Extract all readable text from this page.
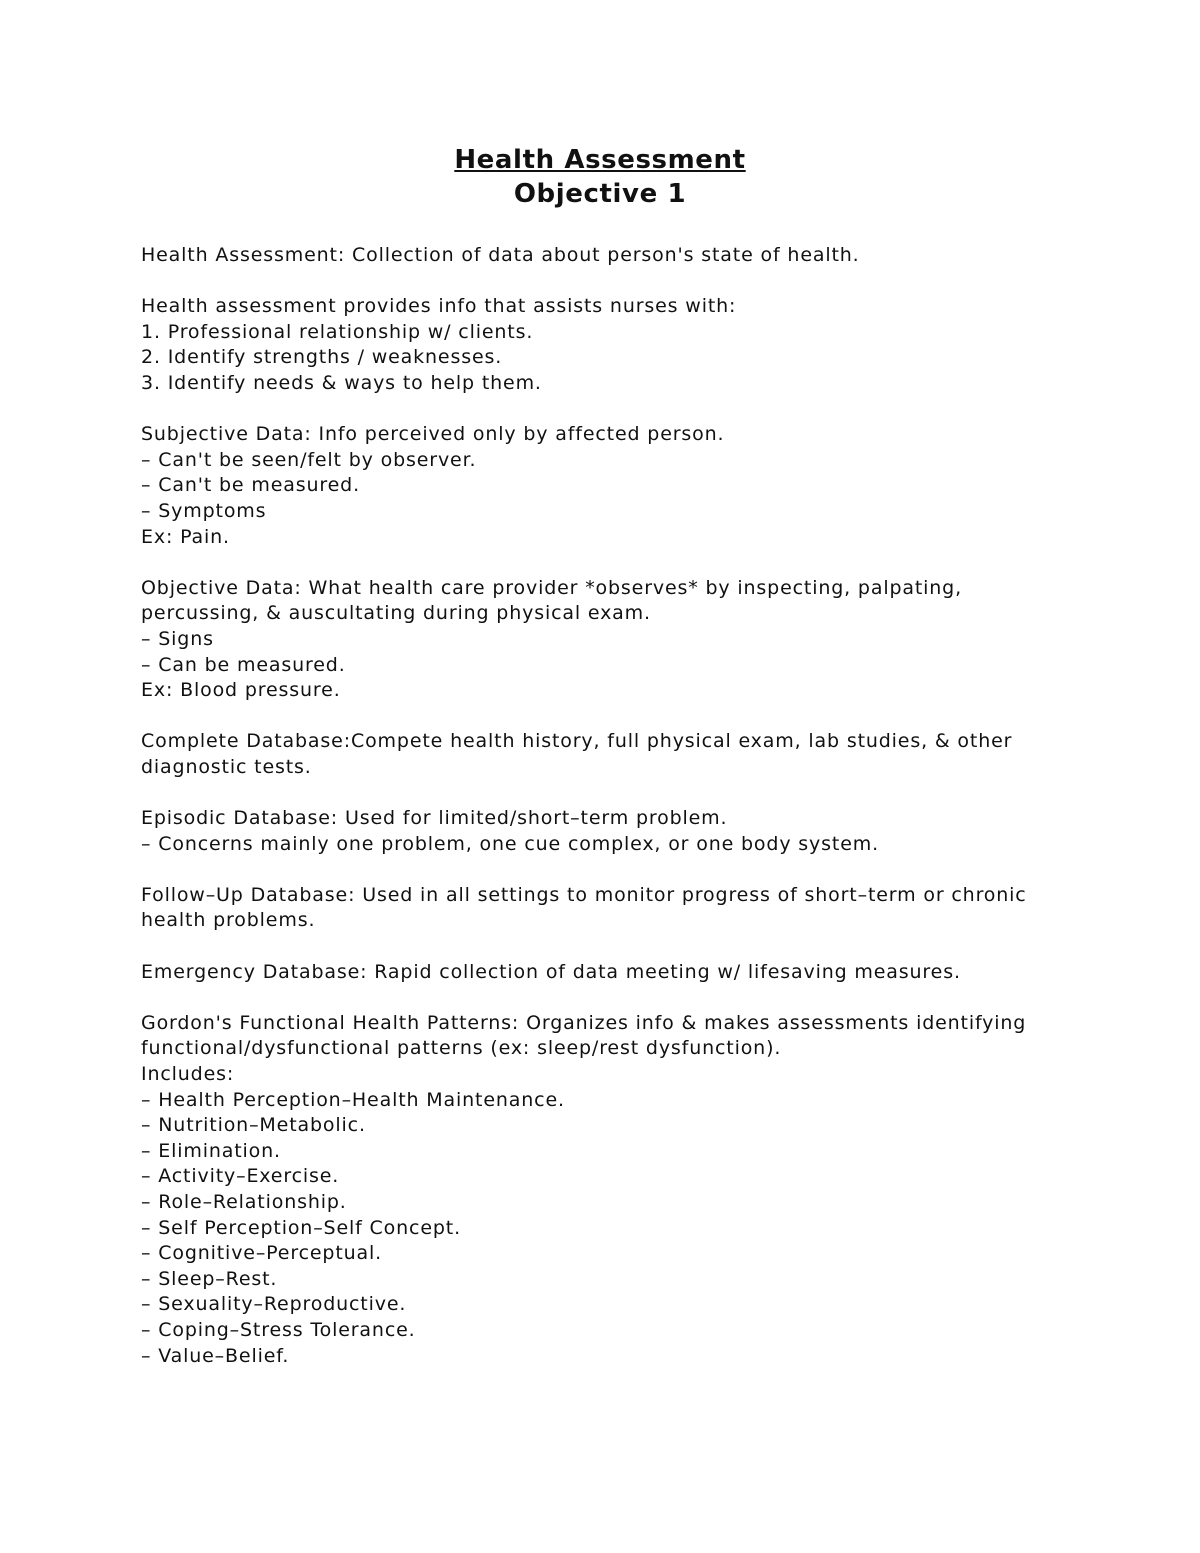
Health Assessment
Objective 1
Health Assessment: Collection of data about person's state of health.
Health assessment provides info that assists nurses with:
1. Professional relationship w/ clients.
2. Identify strengths / weaknesses.
3. Identify needs & ways to help them.
Subjective Data: Info perceived only by affected person.
– Can't be seen/felt by observer.
– Can't be measured.
– Symptoms
Ex: Pain.
Objective Data: What health care provider *observes* by inspecting, palpating,
percussing, & auscultating during physical exam.
– Signs
– Can be measured.
Ex: Blood pressure.
Complete Database:Compete health history, full physical exam, lab studies, & other
diagnostic tests.
Episodic Database: Used for limited/short–term problem.
– Concerns mainly one problem, one cue complex, or one body system.
Follow–Up Database: Used in all settings to monitor progress of short–term or chronic
health problems.
Emergency Database: Rapid collection of data meeting w/ lifesaving measures.
Gordon's Functional Health Patterns: Organizes info & makes assessments identifying
functional/dysfunctional patterns (ex: sleep/rest dysfunction).
Includes:
– Health Perception–Health Maintenance.
– Nutrition–Metabolic.
– Elimination.
– Activity–Exercise.
– Role–Relationship.
– Self Perception–Self Concept.
– Cognitive–Perceptual.
– Sleep–Rest.
– Sexuality–Reproductive.
– Coping–Stress Tolerance.
– Value–Belief.
